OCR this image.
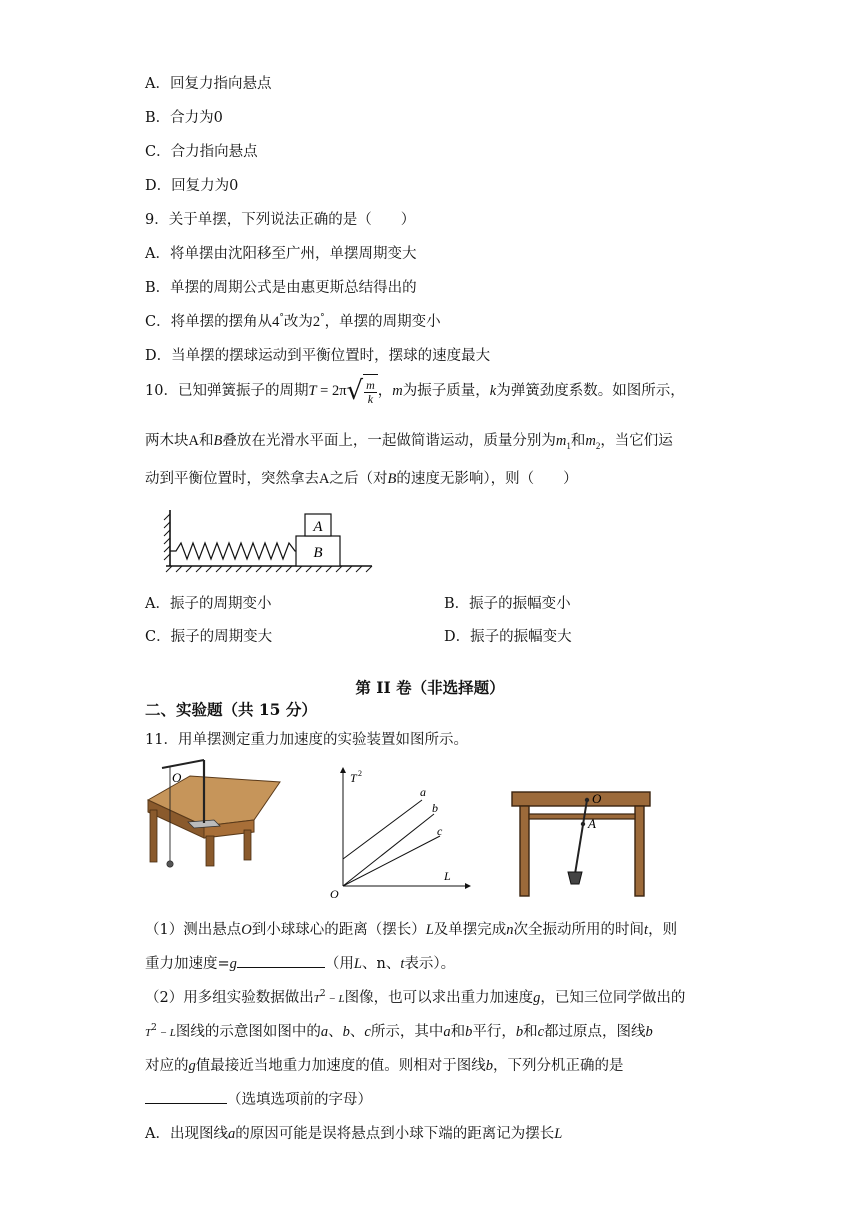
A．回复力指向悬点
B．合力为0
C．合力指向悬点
D．回复力为0
9．关于单摆，下列说法正确的是（　　）
A．将单摆由沈阳移至广州，单摆周期变大
B．单摆的周期公式是由惠更斯总结得出的
C．将单摆的摆角从4°改为2°，单摆的周期变小
D．当单摆的摆球运动到平衡位置时，摆球的速度最大
10．已知弹簧振子的周期T = 2π √ $\frac{m}{k}$ ，m为振子质量，k为弹簧劲度系数。如图所示，
两木块A和B叠放在光滑水平面上，一起做简谐运动，质量分别为$m_1$和$m_2$，当它们运
动到平衡位置时，突然拿去A之后（对B的速度无影响），则（　　）
A
B
A．振子的周期变小	B．振子的振幅变小
C．振子的周期变大	D．振子的振幅变大
第 II 卷（非选择题）
二、实验题（共 15 分）
11．用单摆测定重力加速度的实验装置如图所示。
O	T 2
L
O
a
b
c
O
A
（1）测出悬点O到小球球心的距离（摆长）L及单摆完成n次全振动所用的时间t，则
重力加速度=g	（用L、n、t表示）。
（2）用多组实验数据做出$T^2 - L$图像，也可以求出重力加速度g，已知三位同学做出的
$T^2 - L$图线的示意图如图中的a、b、c所示，其中a和b平行，b和c都过原点，图线b
对应的g值最接近当地重力加速度的值。则相对于图线b，下列分机正确的是
（选填选项前的字母）
A．出现图线a的原因可能是误将悬点到小球下端的距离记为摆长L
